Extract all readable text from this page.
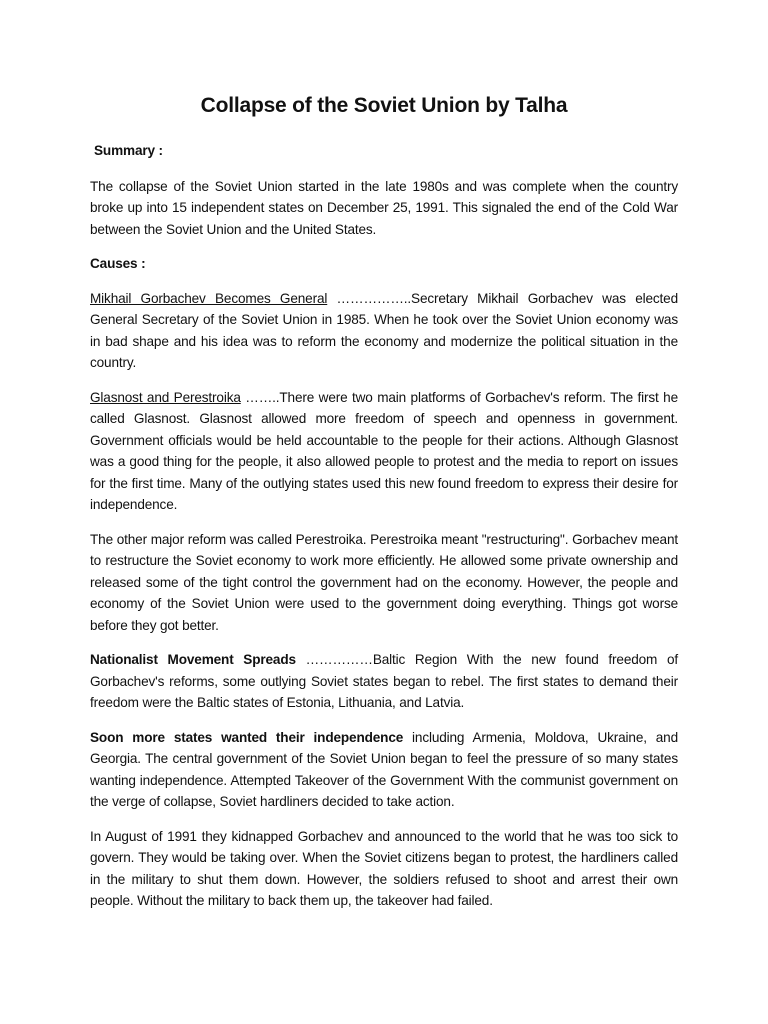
Collapse of the Soviet Union by Talha
Summary :

The collapse of the Soviet Union started in the late 1980s and was complete when the country broke up into 15 independent states on December 25, 1991. This signaled the end of the Cold War between the Soviet Union and the United States.

Causes :

Mikhail Gorbachev Becomes General ……………..Secretary Mikhail Gorbachev was elected General Secretary of the Soviet Union in 1985. When he took over the Soviet Union economy was in bad shape and his idea was to reform the economy and modernize the political situation in the country.

Glasnost and Perestroika ……..There were two main platforms of Gorbachev's reform. The first he called Glasnost. Glasnost allowed more freedom of speech and openness in government. Government officials would be held accountable to the people for their actions. Although Glasnost was a good thing for the people, it also allowed people to protest and the media to report on issues for the first time. Many of the outlying states used this new found freedom to express their desire for independence.

The other major reform was called Perestroika. Perestroika meant "restructuring". Gorbachev meant to restructure the Soviet economy to work more efficiently. He allowed some private ownership and released some of the tight control the government had on the economy. However, the people and economy of the Soviet Union were used to the government doing everything. Things got worse before they got better.

Nationalist Movement Spreads ……………Baltic Region With the new found freedom of Gorbachev's reforms, some outlying Soviet states began to rebel. The first states to demand their freedom were the Baltic states of Estonia, Lithuania, and Latvia.

Soon more states wanted their independence including Armenia, Moldova, Ukraine, and Georgia. The central government of the Soviet Union began to feel the pressure of so many states wanting independence. Attempted Takeover of the Government With the communist government on the verge of collapse, Soviet hardliners decided to take action.

In August of 1991 they kidnapped Gorbachev and announced to the world that he was too sick to govern. They would be taking over. When the Soviet citizens began to protest, the hardliners called in the military to shut them down. However, the soldiers refused to shoot and arrest their own people. Without the military to back them up, the takeover had failed.
